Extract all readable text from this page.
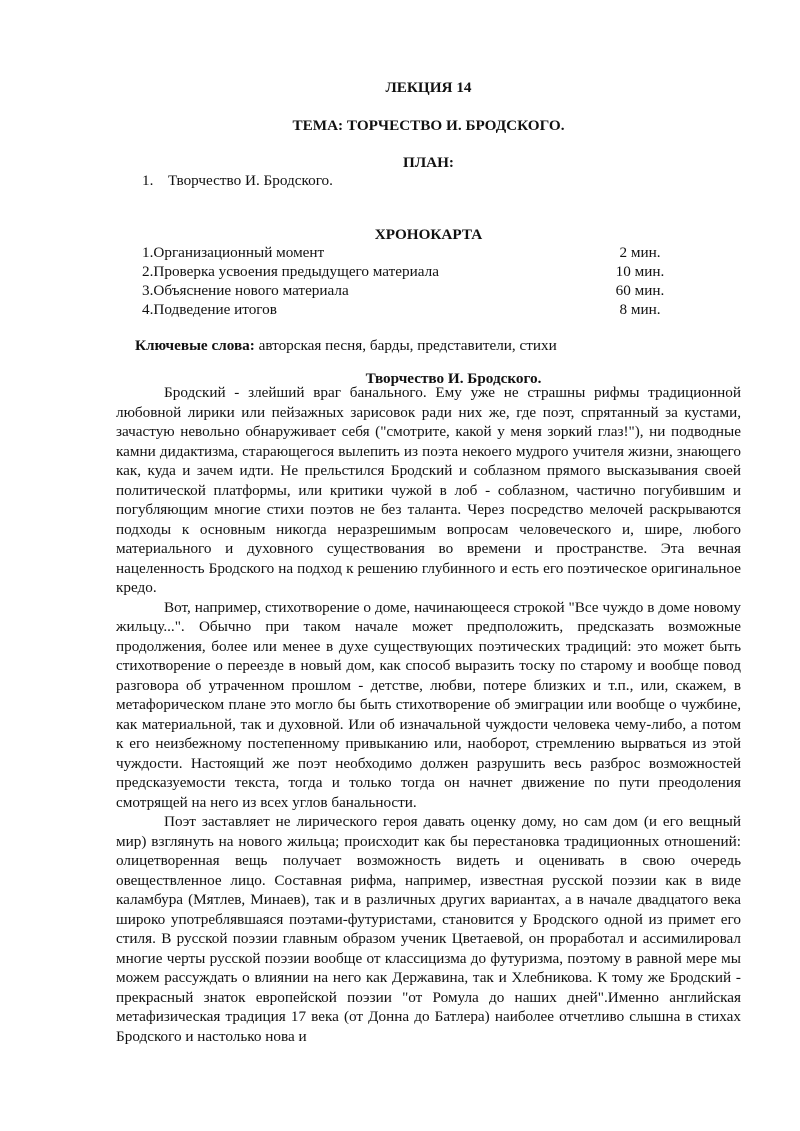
ЛЕКЦИЯ 14
ТЕМА: ТОРЧЕСТВО И. БРОДСКОГО.
ПЛАН:
1. Творчество И. Бродского.
ХРОНОКАРТА
1.Организационный момент	2 мин.
2.Проверка усвоения предыдущего материала	10 мин.
3.Объяснение нового материала	60 мин.
4.Подведение итогов	8 мин.
Ключевые слова: авторская песня, барды, представители, стихи
Творчество И. Бродского.

Бродский - злейший враг банального. Ему уже не страшны рифмы традиционной любовной лирики или пейзажных зарисовок ради них же, где поэт, спрятанный за кустами, зачастую невольно обнаруживает себя ("смотрите, какой у меня зоркий глаз!"), ни подводные камни дидактизма, старающегося вылепить из поэта некоего мудрого учителя жизни, знающего как, куда и зачем идти. Не прельстился Бродский и соблазном прямого высказывания своей политической платформы, или критики чужой в лоб - соблазном, частично погубившим и погубляющим многие стихи поэтов не без таланта. Через посредство мелочей раскрываются подходы к основным никогда неразрешимым вопросам человеческого и, шире, любого материального и духовного существования во времени и пространстве. Эта вечная нацеленность Бродского на подход к решению глубинного и есть его поэтическое оригинальное кредо.

Вот, например, стихотворение о доме, начинающееся строкой "Все чуждо в доме новому жильцу...". Обычно при таком начале может предположить, предсказать возможные продолжения, более или менее в духе существующих поэтических традиций: это может быть стихотворение о переезде в новый дом, как способ выразить тоску по старому и вообще повод разговора об утраченном прошлом - детстве, любви, потере близких и т.п., или, скажем, в метафорическом плане это могло бы быть стихотворение об эмиграции или вообще о чужбине, как материальной, так и духовной. Или об изначальной чуждости человека чему-либо, а потом к его неизбежному постепенному привыканию или, наоборот, стремлению вырваться из этой чуждости. Настоящий же поэт необходимо должен разрушить весь разброс возможностей предсказуемости текста, тогда и только тогда он начнет движение по пути преодоления смотрящей на него из всех углов банальности.

Поэт заставляет не лирического героя давать оценку дому, но сам дом (и его вещный мир) взглянуть на нового жильца; происходит как бы перестановка традиционных отношений: олицетворенная вещь получает возможность видеть и оценивать в свою очередь овеществленное лицо. Составная рифма, например, известная русской поэзии как в виде каламбура (Мятлев, Минаев), так и в различных других вариантах, а в начале двадцатого века широко употреблявшаяся поэтами-футуристами, становится у Бродского одной из примет его стиля. В русской поэзии главным образом ученик Цветаевой, он проработал и ассимилировал многие черты русской поэзии вообще от классицизма до футуризма, поэтому в равной мере мы можем рассуждать о влиянии на него как Державина, так и Хлебникова. К тому же Бродский - прекрасный знаток европейской поэзии "от Ромула до наших дней".Именно английская метафизическая традиция 17 века (от Донна до Батлера) наиболее отчетливо слышна в стихах Бродского и настолько нова и
